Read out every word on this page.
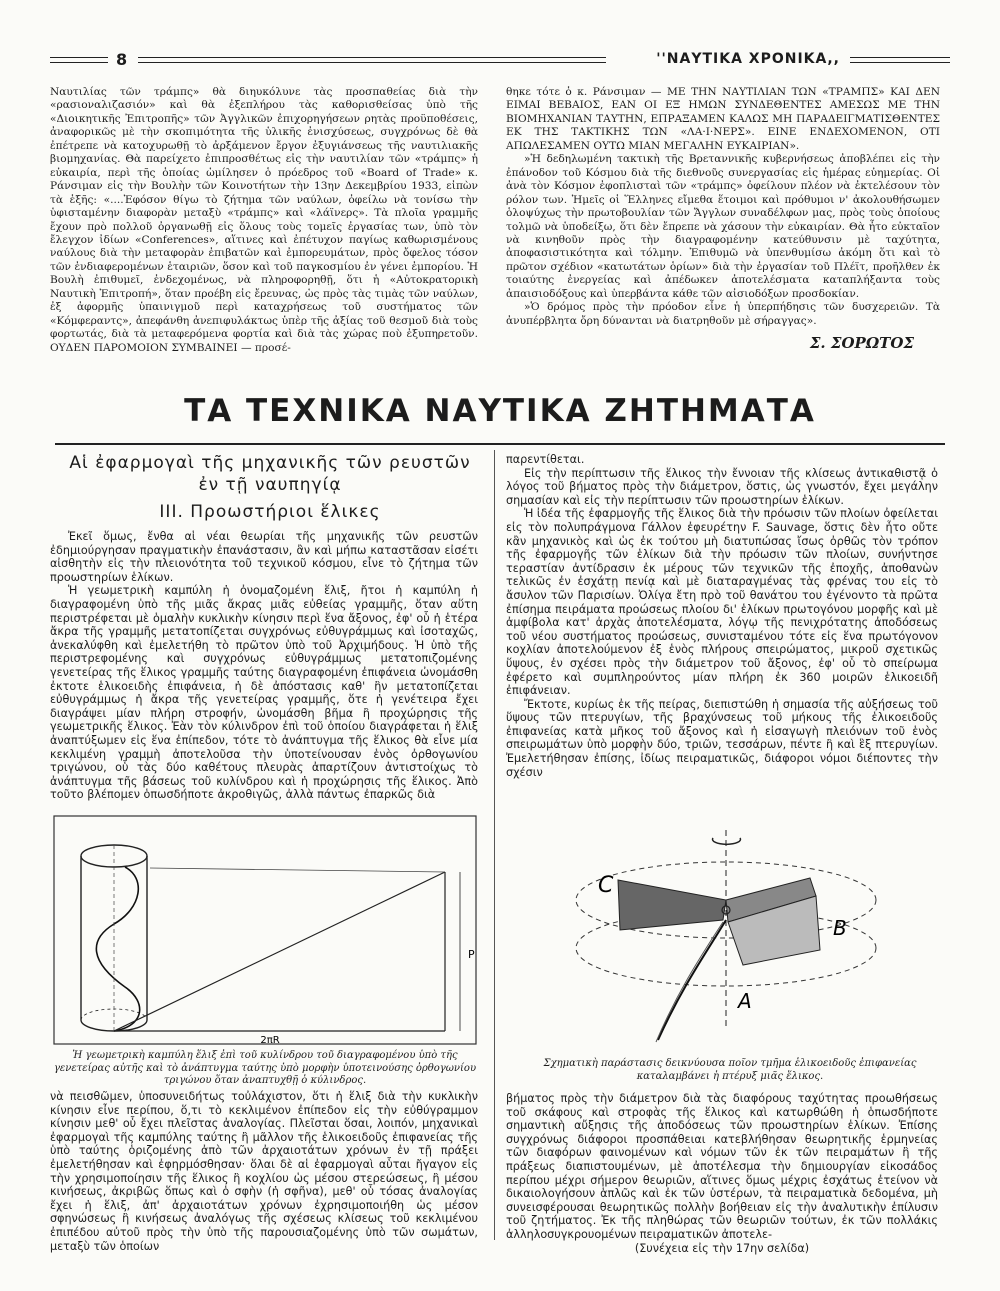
8	''ΝΑΥΤΙΚΑ ΧΡΟΝΙΚΑ,,

Ναυτιλίας τῶν τράμπς» θὰ διηυκόλυνε τὰς προσπαθείας διὰ τὴν «ρασιοναλιζασιόν» καὶ θὰ ἐξεπλήρου τὰς καθορισθείσας ὑπὸ τῆς «Διοικητικῆς Ἐπιτροπῆς» τῶν Ἀγγλικῶν ἐπιχορηγήσεων ρητὰς προϋποθέσεις, ἀναφορικῶς μὲ τὴν σκοπιμότητα τῆς ὑλικῆς ἐνισχύσεως, συγχρόνως δὲ θὰ ἐπέτρεπε νὰ κατοχυρωθῇ τὸ ἀρξάμενον ἔργον ἐξυγιάνσεως τῆς ναυτιλιακῆς βιομηχανίας. Θὰ παρείχετο ἐπιπροσθέτως εἰς τὴν ναυτιλίαν τῶν «τράμπς» ἡ εὐκαιρία, περὶ τῆς ὁποίας ὡμίλησεν ὁ πρόεδρος τοῦ «Board of Trade» κ. Ράνσιμαν εἰς τὴν Βουλὴν τῶν Κοινοτήτων τὴν 13ην Δεκεμβρίου 1933, εἰπὼν τὰ ἑξῆς: «....Ἐφόσον θίγω τὸ ζήτημα τῶν ναύλων, ὀφείλω νὰ τονίσω τὴν ὑφισταμένην διαφορὰν μεταξὺ «τράμπς» καὶ «λάϊνερς». Τὰ πλοῖα γραμμῆς ἔχουν πρὸ πολλοῦ ὀργανωθῇ εἰς ὅλους τοὺς τομεῖς ἐργασίας των, ὑπὸ τὸν ἔλεγχον ἰδίων «Conferences», αἵτινες καὶ ἐπέτυχον παγίως καθωρισμένους ναύλους διὰ τὴν μεταφορὰν ἐπιβατῶν καὶ ἐμπορευμάτων, πρὸς ὄφελος τόσον τῶν ἐνδιαφερομένων ἑταιριῶν, ὅσον καὶ τοῦ παγκοσμίου ἐν γένει ἐμπορίου. Ἡ Βουλὴ ἐπιθυμεῖ, ἐνδεχομένως, νὰ πληροφορηθῇ, ὅτι ἡ «Αὐτοκρατορικὴ Ναυτικὴ Ἐπιτροπή», ὅταν προέβη εἰς ἔρευνας, ὡς πρὸς τὰς τιμὰς τῶν ναύλων, ἐξ ἀφορμῆς ὑπαινιγμοῦ περὶ καταχρήσεως τοῦ συστήματος τῶν «Κόμφεραντς», ἀπεφάνθη ἀνεπιφυλάκτως ὑπὲρ τῆς ἀξίας τοῦ θεσμοῦ διὰ τοὺς φορτωτάς, διὰ τὰ μεταφερόμενα φορτία καὶ διὰ τὰς χώρας ποὺ ἐξυπηρετοῦν. ΟΥΔΕΝ ΠΑΡΟΜΟΙΟΝ ΣΥΜΒΑΙΝΕΙ — προσέ-

θηκε τότε ὁ κ. Ράνσιμαν — ΜΕ ΤΗΝ ΝΑΥΤΙΛΙΑΝ ΤΩΝ «ΤΡΑΜΠΣ» ΚΑΙ ΔΕΝ ΕΙΜΑΙ ΒΕΒΑΙΟΣ, ΕΑΝ ΟΙ ΕΞ ΗΜΩΝ ΣΥΝΔΕΘΕΝΤΕΣ ΑΜΕΣΩΣ ΜΕ ΤΗΝ ΒΙΟΜΗΧΑΝΙΑΝ ΤΑΥΤΗΝ, ΕΠΡΑΞΑΜΕΝ ΚΑΛΩΣ ΜΗ ΠΑΡΑΔΕΙΓΜΑΤΙΣΘΕΝΤΕΣ ΕΚ ΤΗΣ ΤΑΚΤΙΚΗΣ ΤΩΝ «ΛΑ·Ι·ΝΕΡΣ». ΕΙΝΕ ΕΝΔΕΧΟΜΕΝΟΝ, ΟΤΙ ΑΠΩΛΕΣΑΜΕΝ ΟΥΤΩ ΜΙΑΝ ΜΕΓΑΛΗΝ ΕΥΚΑΙΡΙΑΝ».

»Ἡ δεδηλωμένη τακτικὴ τῆς Βρεταννικῆς κυβερνήσεως ἀποβλέπει εἰς τὴν ἐπάνοδον τοῦ Κόσμου διὰ τῆς διεθνοῦς συνεργασίας εἰς ἡμέρας εὐημερίας. Οἱ ἀνὰ τὸν Κόσμον ἐφοπλισταὶ τῶν «τράμπς» ὀφείλουν πλέον νὰ ἐκτελέσουν τὸν ρόλον των. Ἡμεῖς οἱ Ἕλληνες εἴμεθα ἕτοιμοι καὶ πρόθυμοι ν' ἀκολουθήσωμεν ὁλοψύχως τὴν πρωτοβουλίαν τῶν Ἄγγλων συναδέλφων μας, πρὸς τοὺς ὁποίους τολμῶ νὰ ὑποδείξω, ὅτι δὲν ἔπρεπε νὰ χάσουν τὴν εὐκαιρίαν. Θὰ ἦτο εὐκταῖον νὰ κινηθοῦν πρὸς τὴν διαγραφομένην κατεύθυνσιν μὲ ταχύτητα, ἀποφασιστικότητα καὶ τόλμην. Ἐπιθυμῶ νὰ ὑπενθυμίσω ἀκόμη ὅτι καὶ τὸ πρῶτον σχέδιον «κατωτάτων ὁρίων» διὰ τὴν ἐργασίαν τοῦ Πλέϊτ, προῆλθεν ἐκ τοιαύτης ἐνεργείας καὶ ἀπέδωκεν ἀποτελέσματα καταπλήξαντα τοὺς ἀπαισιοδόξους καὶ ὑπερβάντα κάθε τῶν αἰσιοδόξων προσδοκίαν.

»Ὁ δρόμος πρὸς τὴν πρόοδον εἶνε ἡ ὑπερπήδησις τῶν δυσχερειῶν. Τὰ ἀνυπέρβλητα ὄρη δύνανται νὰ διατρηθοῦν μὲ σήραγγας».

Σ. ΣΟΡΩΤΟΣ
ΤΑ ΤΕΧΝΙΚΑ ΝΑΥΤΙΚΑ ΖΗΤΗΜΑΤΑ
Αἱ ἐφαρμογαὶ τῆς μηχανικῆς τῶν ρευστῶν
ἐν τῇ ναυπηγίᾳ
III. Προωστήριοι ἕλικες

Ἐκεῖ ὅμως, ἔνθα αἱ νέαι θεωρίαι τῆς μηχανικῆς τῶν ρευστῶν ἐδημιούργησαν πραγματικὴν ἐπανάστασιν, ἂν καὶ μήπω καταστᾶσαν εἰσέτι αἰσθητὴν εἰς τὴν πλειονότητα τοῦ τεχνικοῦ κόσμου, εἶνε τὸ ζήτημα τῶν προωστηρίων ἑλίκων.

Ἡ γεωμετρικὴ καμπύλη ἡ ὀνομαζομένη ἕλιξ, ἤτοι ἡ καμπύλη ἡ διαγραφομένη ὑπὸ τῆς μιᾶς ἄκρας μιᾶς εὐθείας γραμμῆς, ὅταν αὕτη περιστρέφεται μὲ ὁμαλὴν κυκλικὴν κίνησιν περὶ ἕνα ἄξονος, ἐφ' οὗ ἡ ἑτέρα ἄκρα τῆς γραμμῆς μετατοπίζεται συγχρόνως εὐθυγράμμως καὶ ἰσοταχῶς, ἀνεκαλύφθη καὶ ἐμελετήθη τὸ πρῶτον ὑπὸ τοῦ Ἀρχιμήδους. Ἡ ὑπὸ τῆς περιστρεφομένης καὶ συγχρόνως εὐθυγράμμως μετατοπιζομένης γενετείρας τῆς ἕλικος γραμμῆς ταύτης διαγραφομένη ἐπιφάνεια ὠνομάσθη ἐκτοτε ἑλικοειδὴς ἐπιφάνεια, ἡ δὲ ἀπόστασις καθ' ἣν μετατοπίζεται εὐθυγράμμως ἡ ἄκρα τῆς γενετείρας γραμμῆς, ὅτε ἡ γενέτειρα ἔχει διαγράψει μίαν πλήρη στροφήν, ὠνομάσθη βῆμα ἢ προχώρησις τῆς γεωμετρικῆς ἕλικος. Ἐὰν τὸν κύλινδρον ἐπὶ τοῦ ὁποίου διαγράφεται ἡ ἕλιξ ἀναπτύξωμεν εἰς ἕνα ἐπίπεδον, τότε τὸ ἀνάπτυγμα τῆς ἕλικος θὰ εἶνε μία κεκλιμένη γραμμὴ ἀποτελοῦσα τὴν ὑποτείνουσαν ἑνὸς ὀρθογωνίου τριγώνου, οὗ τὰς δύο καθέτους πλευρὰς ἀπαρτίζουν ἀντιστοίχως τὸ ἀνάπτυγμα τῆς βάσεως τοῦ κυλίνδρου καὶ ἡ προχώρησις τῆς ἕλικος. Ἀπὸ τοῦτο βλέπομεν ὁπωσδήποτε ἀκροθιγῶς, ἀλλὰ πάντως ἐπαρκῶς διὰ

P
2πR
Ἡ γεωμετρικὴ καμπύλη ἕλιξ ἐπὶ τοῦ κυλίνδρου τοῦ διαγραφομένου ὑπὸ τῆς γενετείρας αὐτῆς καὶ τὸ ἀνάπτυγμα ταύτης ὑπὸ μορφὴν ὑποτεινούσης ὀρθογωνίου τριγώνου ὅταν ἀναπτυχθῇ ὁ κύλινδρος.

νὰ πεισθῶμεν, ὑποσυνειδήτως τοὐλάχιστον, ὅτι ἡ ἕλιξ διὰ τὴν κυκλικὴν κίνησιν εἶνε περίπου, ὅ,τι τὸ κεκλιμένον ἐπίπεδον εἰς τὴν εὐθύγραμμον κίνησιν μεθ' οὗ ἔχει πλεῖστας ἀναλογίας. Πλεῖσται ὅσαι, λοιπόν, μηχανικαὶ ἐφαρμογαὶ τῆς καμπύλης ταύτης ἢ μᾶλλον τῆς ἑλικοειδοῦς ἐπιφανείας τῆς ὑπὸ ταύτης ὁριζομένης ἀπὸ τῶν ἀρχαιοτάτων χρόνων ἐν τῇ πράξει ἐμελετήθησαν καὶ ἐφηρμόσθησαν· ὅλαι δὲ αἱ ἐφαρμογαὶ αὗται ἤγαγον εἰς τὴν χρησιμοποίησιν τῆς ἕλικος ἢ κοχλίου ὡς μέσου στερεώσεως, ἢ μέσου κινήσεως, ἀκριβῶς ὅπως καὶ ὁ σφὴν (ἡ σφῆνα), μεθ' οὗ τόσας ἀναλογίας ἔχει ἡ ἕλιξ, ἀπ' ἀρχαιοτάτων χρόνων ἐχρησιμοποιήθη ὡς μέσον σφηνώσεως ἢ κινήσεως ἀναλόγως τῆς σχέσεως κλίσεως τοῦ κεκλιμένου ἐπιπέδου αὐτοῦ πρὸς τὴν ὑπὸ τῆς παρουσιαζομένης ὑπὸ τῶν σωμάτων, μεταξὺ τῶν ὁποίων

παρεντίθεται.

Εἰς τὴν περίπτωσιν τῆς ἕλικος τὴν ἔννοιαν τῆς κλίσεως ἀντικαθιστᾷ ὁ λόγος τοῦ βήματος πρὸς τὴν διάμετρον, ὅστις, ὡς γνωστόν, ἔχει μεγάλην σημασίαν καὶ εἰς τὴν περίπτωσιν τῶν προωστηρίων ἑλίκων.

Ἡ ἰδέα τῆς ἐφαρμογῆς τῆς ἕλικος διὰ τὴν πρόωσιν τῶν πλοίων ὀφείλεται εἰς τὸν πολυπράγμονα Γάλλον ἐφευρέτην F. Sauvage, ὅστις δὲν ἦτο οὔτε κἂν μηχανικὸς καὶ ὡς ἐκ τούτου μὴ διατυπώσας ἴσως ὀρθῶς τὸν τρόπον τῆς ἐφαρμογῆς τῶν ἑλίκων διὰ τὴν πρόωσιν τῶν πλοίων, συνήντησε τεραστίαν ἀντίδρασιν ἐκ μέρους τῶν τεχνικῶν τῆς ἐποχῆς, ἀποθανὼν τελικῶς ἐν ἐσχάτῃ πενίᾳ καὶ μὲ διαταραγμένας τὰς φρένας του εἰς τὸ ἄσυλον τῶν Παρισίων. Ὀλίγα ἔτη πρὸ τοῦ θανάτου του ἐγένοντο τὰ πρῶτα ἐπίσημα πειράματα προώσεως πλοίου δι' ἑλίκων πρωτογόνου μορφῆς καὶ μὲ ἀμφίβολα κατ' ἀρχὰς ἀποτελέσματα, λόγῳ τῆς πενιχρότατης ἀποδόσεως τοῦ νέου συστήματος προώσεως, συνισταμένου τότε εἰς ἕνα πρωτόγονον κοχλίαν ἀποτελούμενον ἐξ ἑνὸς πλήρους σπειρώματος, μικροῦ σχετικῶς ὕψους, ἐν σχέσει πρὸς τὴν διάμετρον τοῦ ἄξονος, ἐφ' οὗ τὸ σπείρωμα ἐφέρετο καὶ συμπληρούντος μίαν πλήρη ἐκ 360 μοιρῶν ἑλικοειδῆ ἐπιφάνειαν.

Ἔκτοτε, κυρίως ἐκ τῆς πείρας, διεπιστώθη ἡ σημασία τῆς αὐξήσεως τοῦ ὕψους τῶν πτερυγίων, τῆς βραχύνσεως τοῦ μήκους τῆς ἑλικοειδοῦς ἐπιφανείας κατὰ μῆκος τοῦ ἄξονος καὶ ἡ εἰσαγωγὴ πλειόνων τοῦ ἑνὸς σπειρωμάτων ὑπὸ μορφὴν δύο, τριῶν, τεσσάρων, πέντε ἢ καὶ ἓξ πτερυγίων. Ἐμελετήθησαν ἐπίσης, ἰδίως πειραματικῶς, διάφοροι νόμοι διέποντες τὴν σχέσιν

C
B
A
Σχηματικὴ παράστασις δεικνύουσα ποῖον τμῆμα ἑλικοειδοῦς ἐπιφανείας καταλαμβάνει ἡ πτέρυξ μιᾶς ἕλικος.

βήματος πρὸς τὴν διάμετρον διὰ τὰς διαφόρους ταχύτητας προωθήσεως τοῦ σκάφους καὶ στροφὰς τῆς ἕλικος καὶ κατωρθώθη ἡ ὁπωσδήποτε σημαντικὴ αὔξησις τῆς ἀποδόσεως τῶν προωστηρίων ἑλίκων. Ἐπίσης συγχρόνως διάφοροι προσπάθειαι κατεβλήθησαν θεωρητικῆς ἑρμηνείας τῶν διαφόρων φαινομένων καὶ νόμων τῶν ἐκ τῶν πειραμάτων ἢ τῆς πράξεως διαπιστουμένων, μὲ ἀποτέλεσμα τὴν δημιουργίαν εἰκοσάδος περίπου μέχρι σήμερον θεωριῶν, αἵτινες ὅμως μέχρις ἐσχάτως ἐτείνον νὰ δικαιολογήσουν ἁπλῶς καὶ ἐκ τῶν ὑστέρων, τὰ πειραματικὰ δεδομένα, μὴ συνεισφέρουσαι θεωρητικῶς πολλὴν βοήθειαν εἰς τὴν ἀναλυτικὴν ἐπίλυσιν τοῦ ζητήματος. Ἐκ τῆς πληθώρας τῶν θεωριῶν τούτων, ἐκ τῶν πολλάκις ἀλληλοσυγκρουομένων πειραματικῶν ἀποτελε-

(Συνέχεια εἰς τὴν 17ην σελίδα)
